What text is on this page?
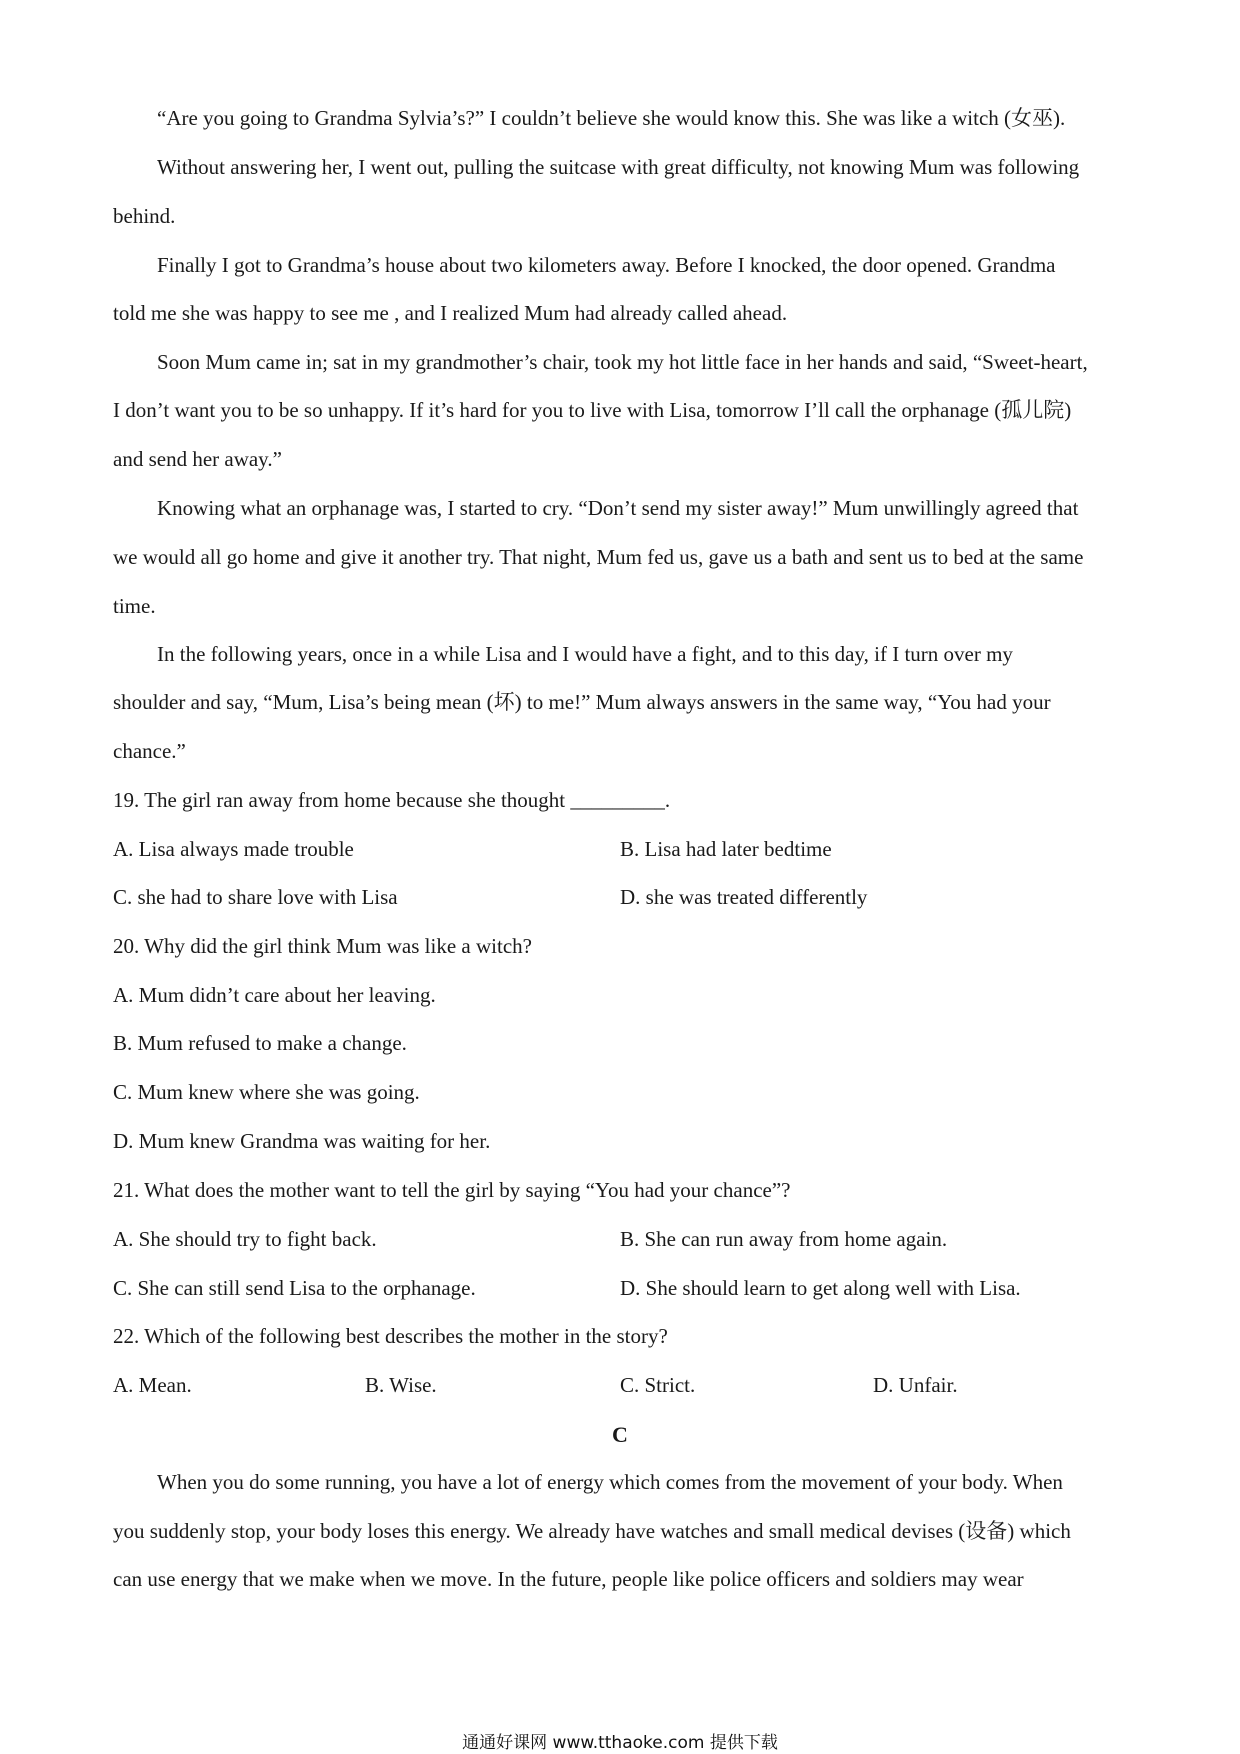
“Are you going to Grandma Sylvia’s?” I couldn’t believe she would know this. She was like a witch (女巫).
Without answering her, I went out, pulling the suitcase with great difficulty, not knowing Mum was following
behind.
Finally I got to Grandma’s house about two kilometers away. Before I knocked, the door opened. Grandma
told me she was happy to see me , and I realized Mum had already called ahead.
Soon Mum came in; sat in my grandmother’s chair, took my hot little face in her hands and said, “Sweet-heart,
I don’t want you to be so unhappy. If it’s hard for you to live with Lisa, tomorrow I’ll call the orphanage (孤儿院)
and send her away.”
Knowing what an orphanage was, I started to cry. “Don’t send my sister away!” Mum unwillingly agreed that
we would all go home and give it another try. That night, Mum fed us, gave us a bath and sent us to bed at the same
time.
In the following years, once in a while Lisa and I would have a fight, and to this day, if I turn over my
shoulder and say, “Mum, Lisa’s being mean (坏) to me!” Mum always answers in the same way, “You had your
chance.”
19. The girl ran away from home because she thought _________.
A. Lisa always made trouble	B. Lisa had later bedtime
C. she had to share love with Lisa	D. she was treated differently
20. Why did the girl think Mum was like a witch?
A. Mum didn’t care about her leaving.
B. Mum refused to make a change.
C. Mum knew where she was going.
D. Mum knew Grandma was waiting for her.
21. What does the mother want to tell the girl by saying “You had your chance”?
A. She should try to fight back.	B. She can run away from home again.
C. She can still send Lisa to the orphanage.	D. She should learn to get along well with Lisa.
22. Which of the following best describes the mother in the story?
A. Mean.	B. Wise.	C. Strict.	D. Unfair.
C
When you do some running, you have a lot of energy which comes from the movement of your body. When
you suddenly stop, your body loses this energy. We already have watches and small medical devises (设备) which
can use energy that we make when we move. In the future, people like police officers and soldiers may wear
通通好课网 www.tthaoke.com 提供下载
